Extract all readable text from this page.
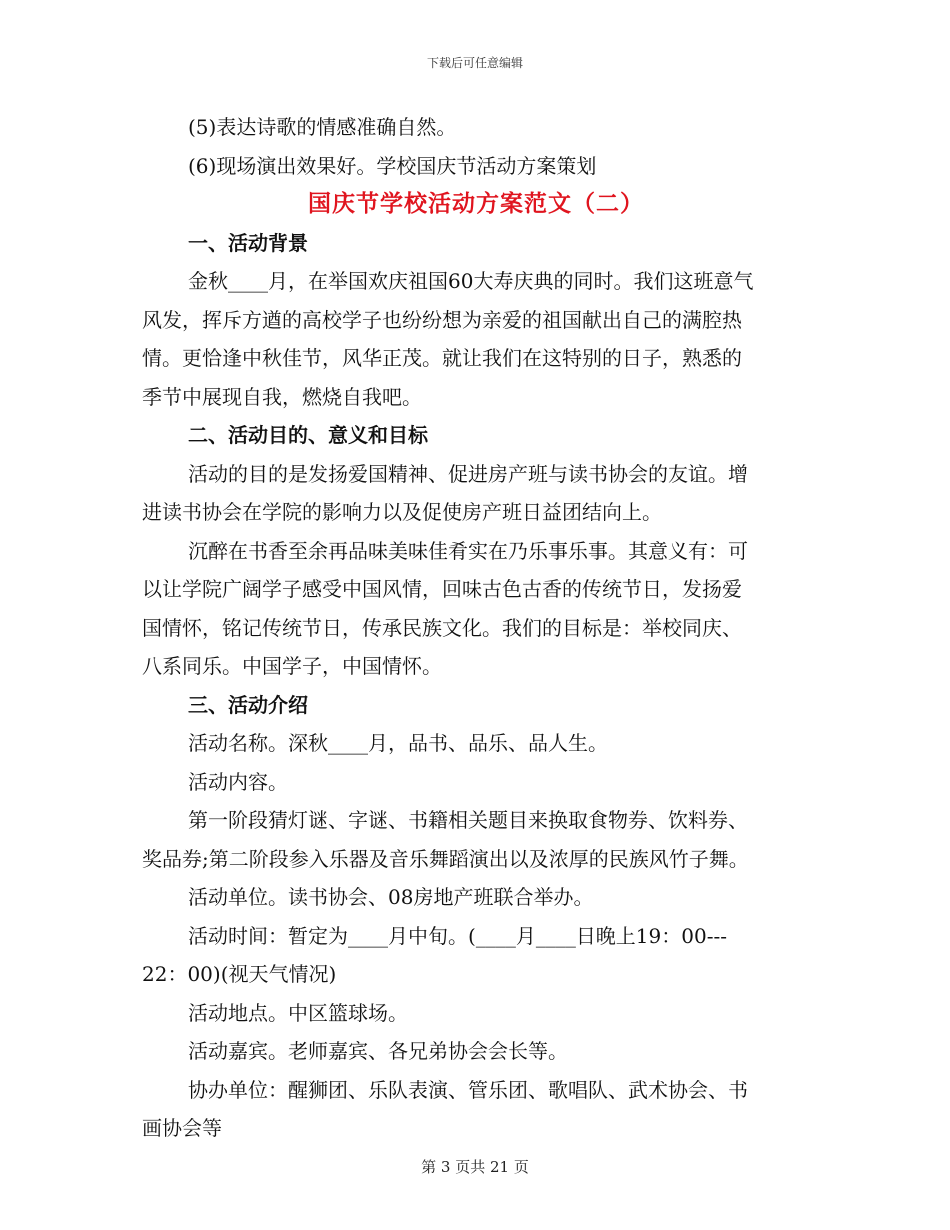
下载后可任意编辑
(5)表达诗歌的情感准确自然。
(6)现场演出效果好。学校国庆节活动方案策划
国庆节学校活动方案范文（二）
一、活动背景
金秋____月，在举国欢庆祖国60大寿庆典的同时。我们这班意气
风发，挥斥方遒的高校学子也纷纷想为亲爱的祖国献出自己的满腔热
情。更恰逢中秋佳节，风华正茂。就让我们在这特别的日子，熟悉的
季节中展现自我，燃烧自我吧。
二、活动目的、意义和目标
活动的目的是发扬爱国精神、促进房产班与读书协会的友谊。增
进读书协会在学院的影响力以及促使房产班日益团结向上。
沉醉在书香至余再品味美味佳肴实在乃乐事乐事。其意义有：可
以让学院广阔学子感受中国风情，回味古色古香的传统节日，发扬爱
国情怀，铭记传统节日，传承民族文化。我们的目标是：举校同庆、
八系同乐。中国学子，中国情怀。
三、活动介绍
活动名称。深秋____月，品书、品乐、品人生。
活动内容。
第一阶段猜灯谜、字谜、书籍相关题目来换取食物券、饮料券、
奖品券;第二阶段参入乐器及音乐舞蹈演出以及浓厚的民族风竹子舞。
活动单位。读书协会、08房地产班联合举办。
活动时间：暂定为____月中旬。(____月____日晚上19：00---
22：00)(视天气情况)
活动地点。中区篮球场。
活动嘉宾。老师嘉宾、各兄弟协会会长等。
协办单位：醒狮团、乐队表演、管乐团、歌唱队、武术协会、书
画协会等
第 3 页共 21 页
